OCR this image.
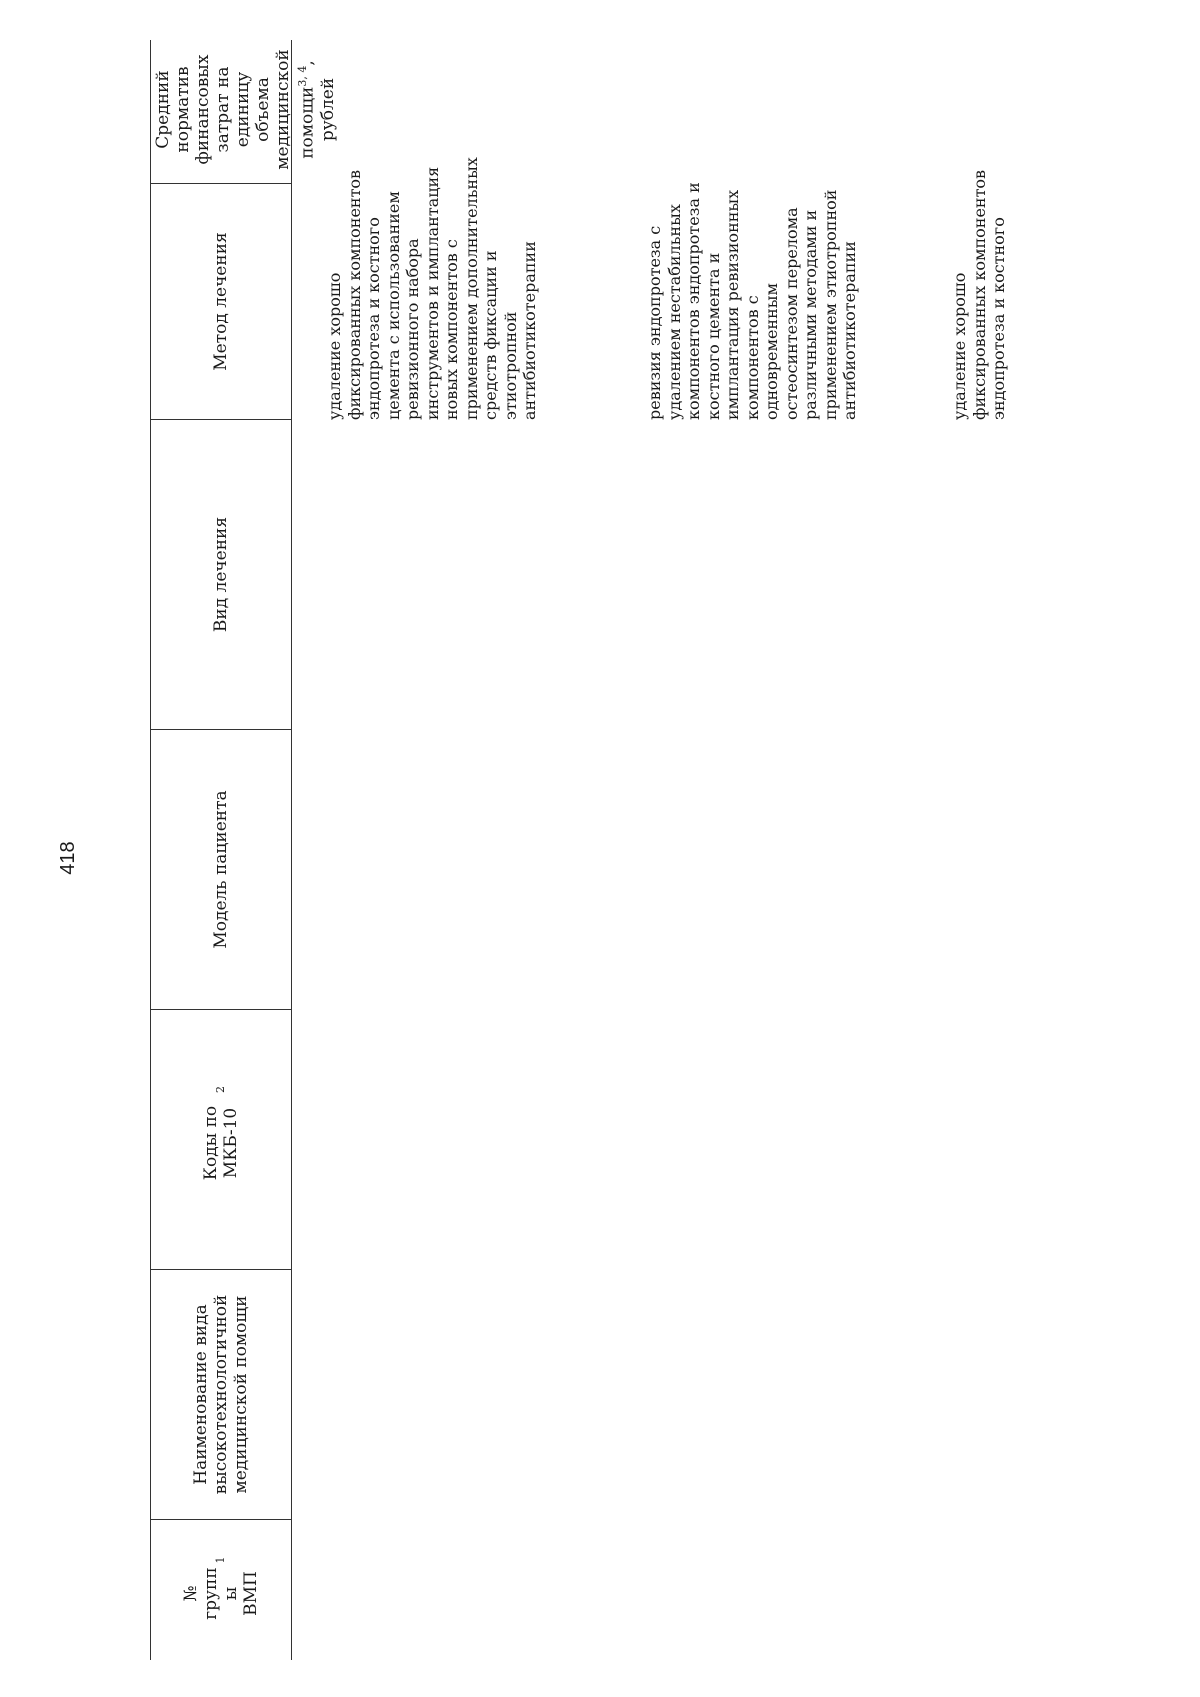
418
№ групп ы ВМП
1
Наименование вида высокотехнологичной медицинской помощи
Коды по МКБ-10
2
Модель пациента
Вид лечения
Метод лечения
Средний норматив финансовых затрат на единицу объема медицинской помощи$^{3, 4}$, рублей
удаление хорошо
фиксированных компонентов
эндопротеза и костного
цемента с использованием
ревизионного набора
инструментов и имплантация
новых компонентов с
применением дополнительных
средств фиксации и
этиотропной
антибиотикотерапии	ревизия эндопротеза с
удалением нестабильных
компонентов эндопротеза и
костного цемента и
имплантация ревизионных
компонентов с
одновременным
остеосинтезом перелома
различными методами и
применением этиотропной
антибиотикотерапии	удаление хорошо
фиксированных компонентов
эндопротеза и костного
